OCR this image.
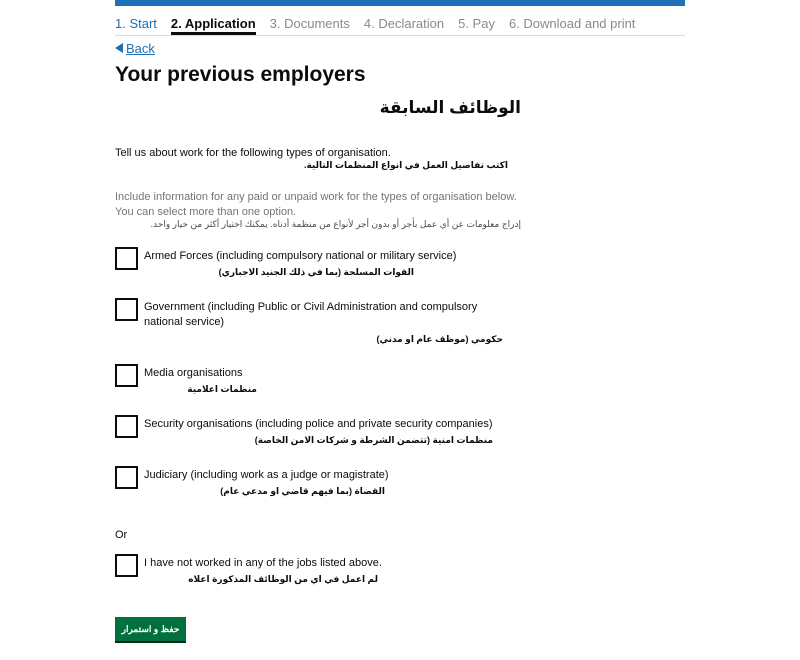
1. Start 2. Application 3. Documents 4. Declaration 5. Pay 6. Download and print
Back
Your previous employers
الوظائف السابقة
Tell us about work for the following types of organisation.
اكتب تفاصيل العمل في انواع المنظمات التالية.
Include information for any paid or unpaid work for the types of organisation below.
You can select more than one option.
إدراج معلومات عن أي عمل بأجر أو بدون أجر لأنواع من منظمة أدناه. يمكنك اختيار أكثر من خيار واحد.
Armed Forces (including compulsory national or military service)
القوات المسلحة (بما في ذلك الجنيد الاجباري)
Government (including Public or Civil Administration and compulsory national service)
حكومي (موظف عام او مدني)
Media organisations
منظمات اعلامية
Security organisations (including police and private security companies)
منظمات امنية (تتضمن الشرطة و شركات الامن الخاصة)
Judiciary (including work as a judge or magistrate)
القضاة (بما فيهم قاضي او مدعي عام)
Or
I have not worked in any of the jobs listed above.
لم اعمل في اي من الوظائف المذكورة اعلاه
حفظ و استمرار
